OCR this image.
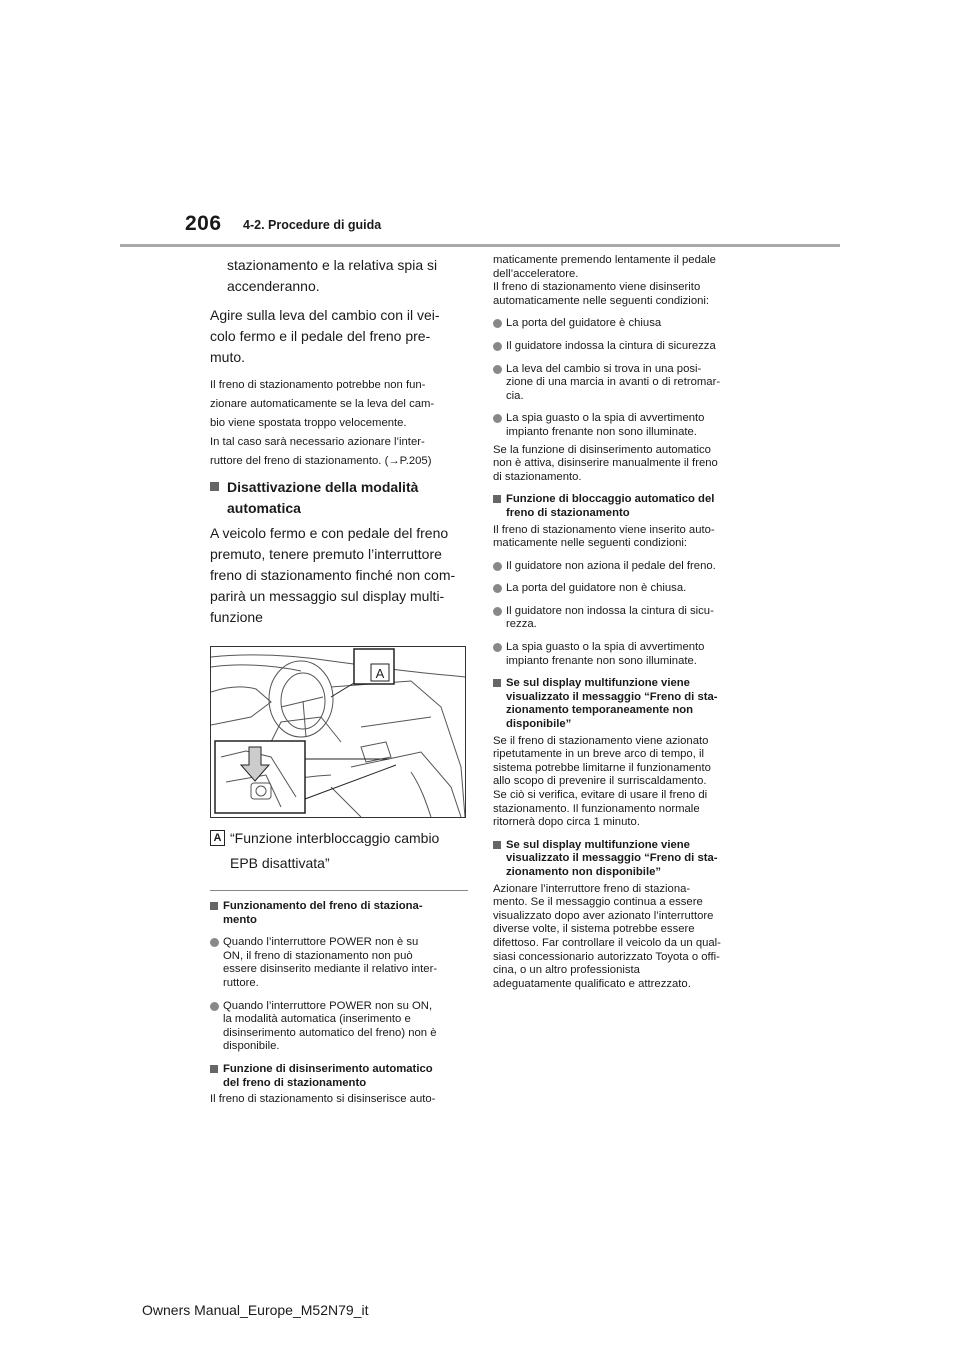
206 4-2. Procedure di guida

stazionamento e la relativa spia si

accenderanno.

Agire sulla leva del cambio con il vei-

colo fermo e il pedale del freno pre-

muto.

Il freno di stazionamento potrebbe non fun-

zionare automaticamente se la leva del cam-

bio viene spostata troppo velocemente.

In tal caso sarà necessario azionare l’inter-

ruttore del freno di stazionamento. (→P.205)

Disattivazione della modalità
automatica

A veicolo fermo e con pedale del freno

premuto, tenere premuto l’interruttore

freno di stazionamento finché non com-

parirà un messaggio sul display multi-

funzione

A
A “Funzione interbloccaggio cambio
EPB disattivata”
Funzionamento del freno di staziona-
mento
Quando l’interruttore POWER non è su
ON, il freno di stazionamento non può
essere disinserito mediante il relativo inter-
ruttore.
Quando l’interruttore POWER non su ON,
la modalità automatica (inserimento e
disinserimento automatico del freno) non è
disponibile.
Funzione di disinserimento automatico
del freno di stazionamento

Il freno di stazionamento si disinserisce auto-

maticamente premendo lentamente il pedale

dell’acceleratore.

Il freno di stazionamento viene disinserito

automaticamente nelle seguenti condizioni:

La porta del guidatore è chiusa
Il guidatore indossa la cintura di sicurezza
La leva del cambio si trova in una posi-
zione di una marcia in avanti o di retromar-
cia.
La spia guasto o la spia di avvertimento
impianto frenante non sono illuminate.

Se la funzione di disinserimento automatico

non è attiva, disinserire manualmente il freno

di stazionamento.

Funzione di bloccaggio automatico del
freno di stazionamento

Il freno di stazionamento viene inserito auto-

maticamente nelle seguenti condizioni:

Il guidatore non aziona il pedale del freno.
La porta del guidatore non è chiusa.
Il guidatore non indossa la cintura di sicu-
rezza.
La spia guasto o la spia di avvertimento
impianto frenante non sono illuminate.
Se sul display multifunzione viene
visualizzato il messaggio “Freno di sta-
zionamento temporaneamente non
disponibile”

Se il freno di stazionamento viene azionato

ripetutamente in un breve arco di tempo, il

sistema potrebbe limitarne il funzionamento

allo scopo di prevenire il surriscaldamento.

Se ciò si verifica, evitare di usare il freno di

stazionamento. Il funzionamento normale

ritornerà dopo circa 1 minuto.

Se sul display multifunzione viene
visualizzato il messaggio “Freno di sta-
zionamento non disponibile”

Azionare l’interruttore freno di staziona-

mento. Se il messaggio continua a essere

visualizzato dopo aver azionato l’interruttore

diverse volte, il sistema potrebbe essere

difettoso. Far controllare il veicolo da un qual-

siasi concessionario autorizzato Toyota o offi-

cina, o un altro professionista

adeguatamente qualificato e attrezzato.

Owners Manual_Europe_M52N79_it
